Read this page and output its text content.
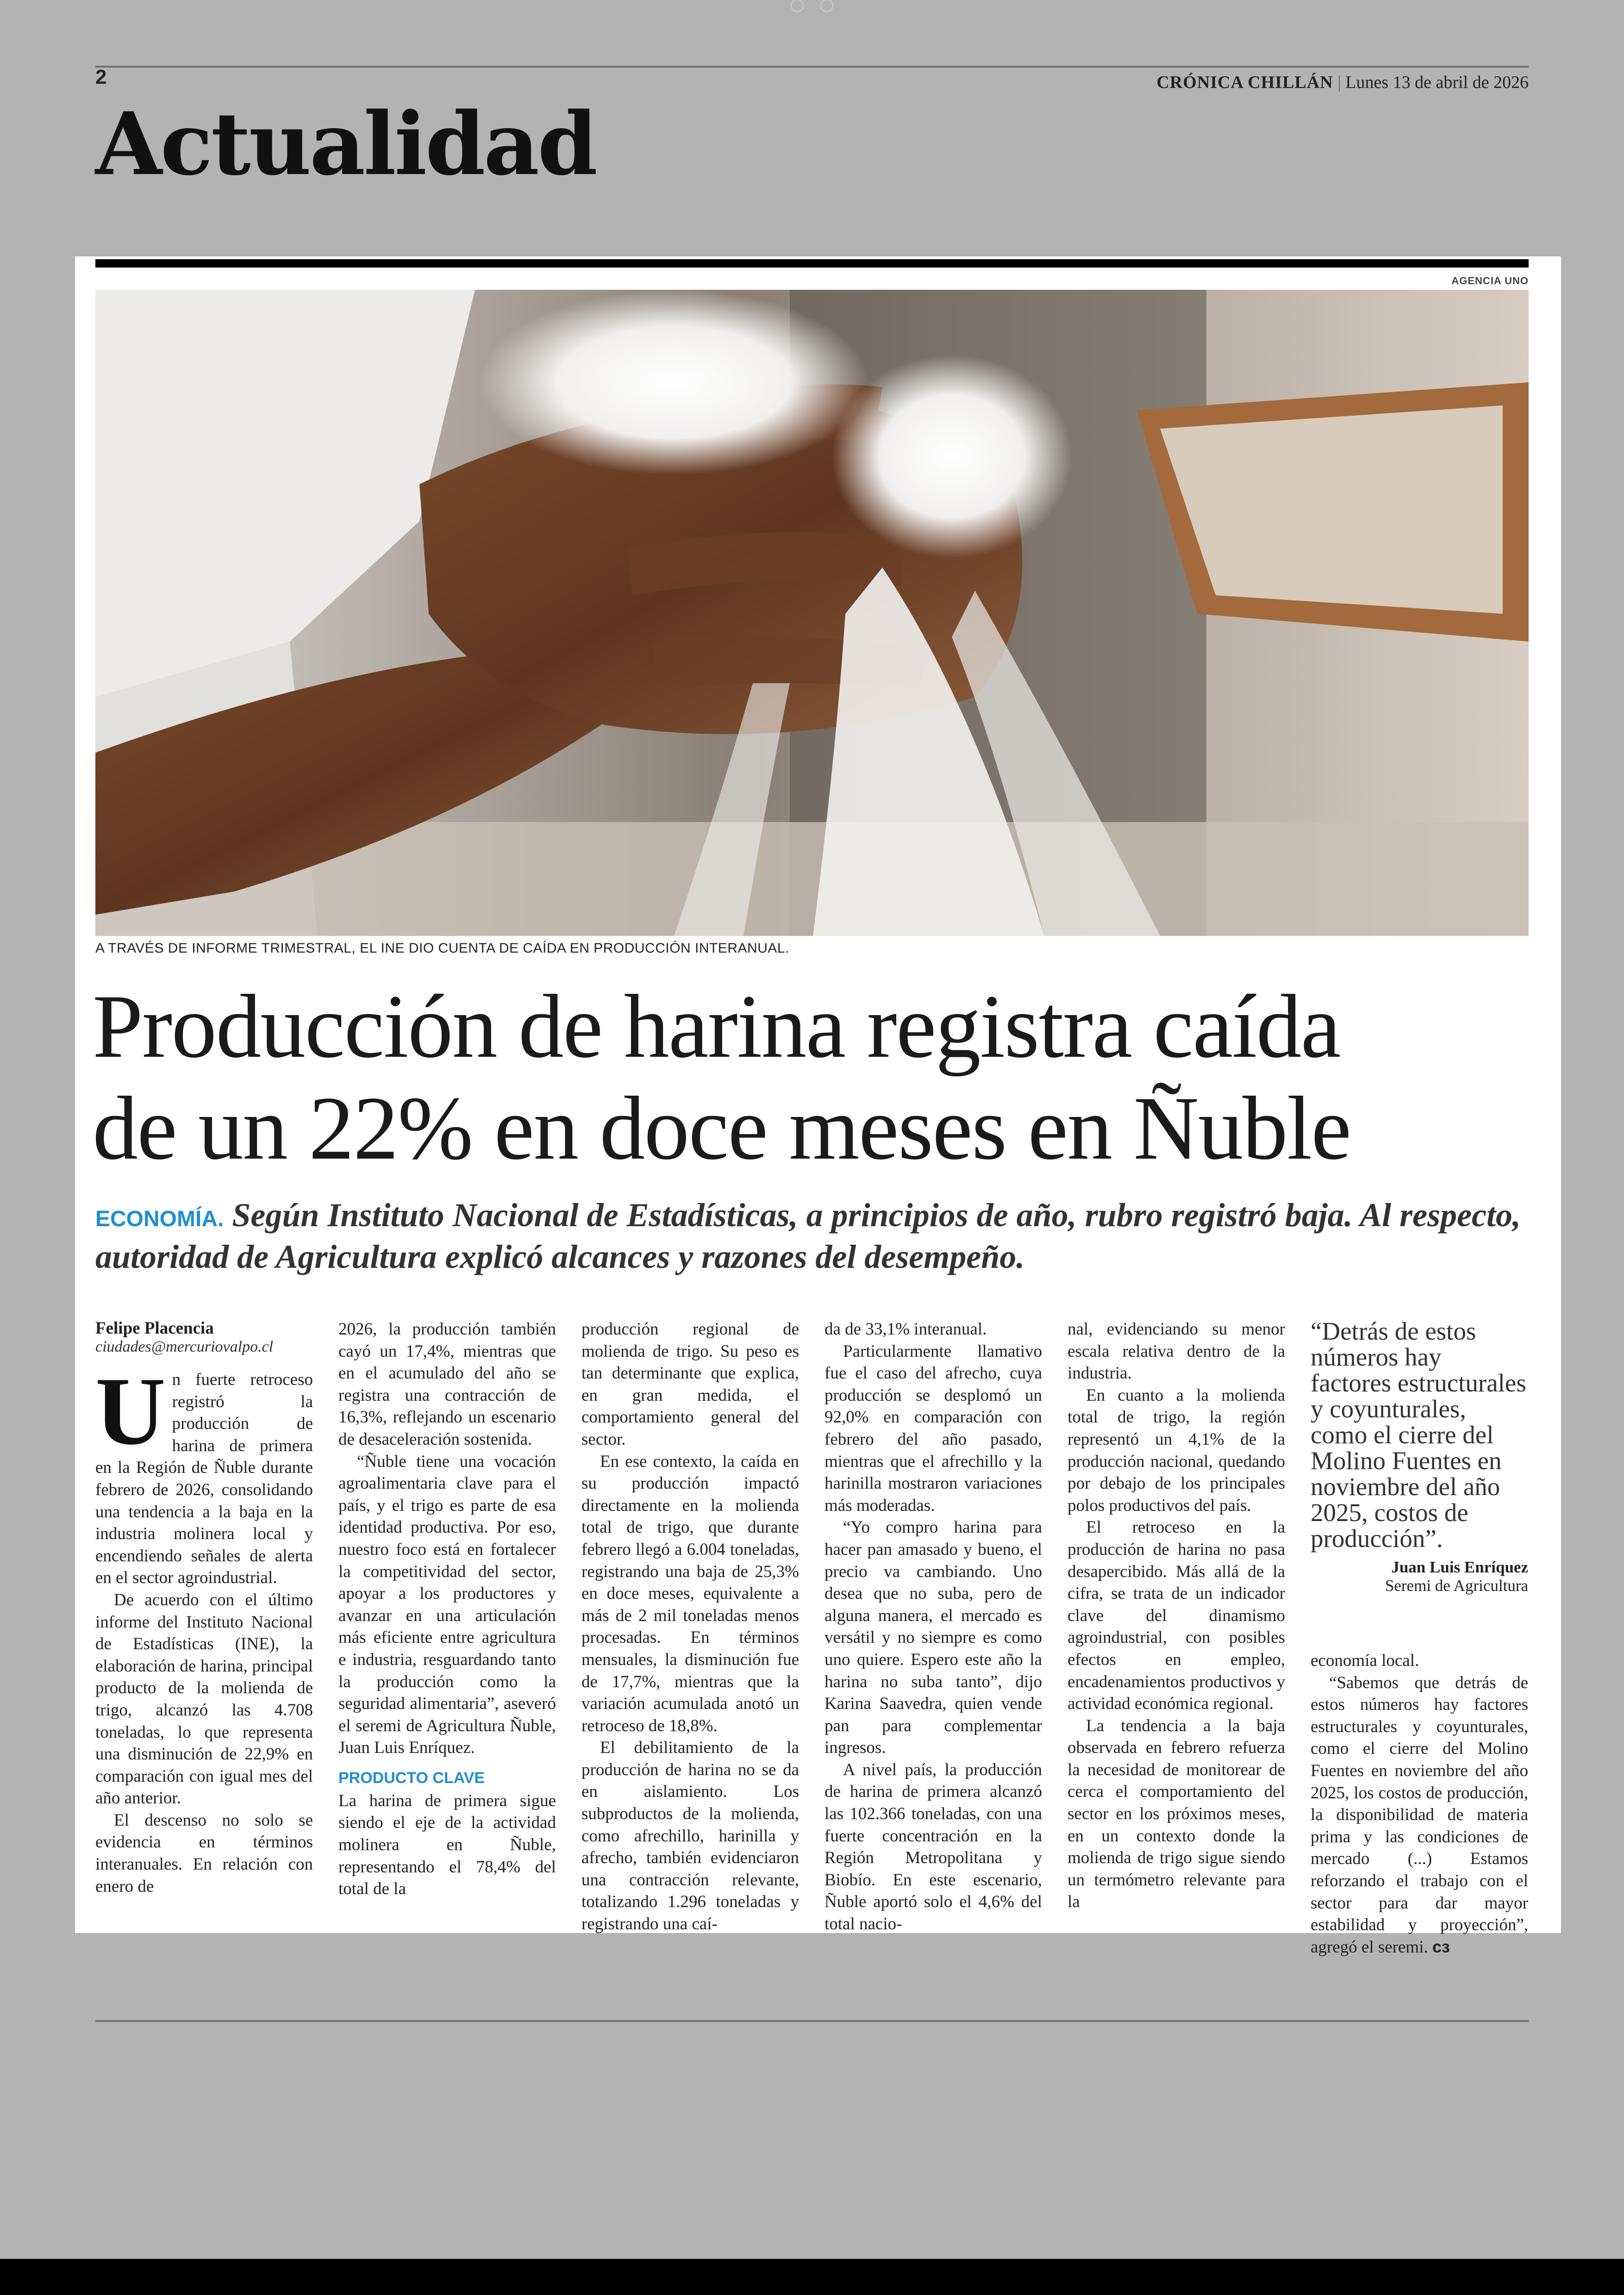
2	CRÓNICA CHILLÁN | Lunes 13 de abril de 2026
Actualidad
AGENCIA UNO
A TRAVÉS DE INFORME TRIMESTRAL, EL INE DIO CUENTA DE CAÍDA EN PRODUCCIÓN INTERANUAL.
Producción de harina registra caída
de un 22% en doce meses en Ñuble
ECONOMÍA. Según Instituto Nacional de Estadísticas, a principios de año, rubro registró baja. Al respecto, autoridad de Agricultura explicó alcances y razones del desempeño.
Felipe Placencia
ciudades@mercuriovalpo.cl

Un fuerte retroceso registró la producción de harina de primera en la Región de Ñuble durante febrero de 2026, consolidando una tendencia a la baja en la industria molinera local y encendiendo señales de alerta en el sector agroindustrial.

De acuerdo con el último informe del Instituto Nacional de Estadísticas (INE), la elaboración de harina, principal producto de la molienda de trigo, alcanzó las 4.708 toneladas, lo que representa una disminución de 22,9% en comparación con igual mes del año anterior.

El descenso no solo se evidencia en términos interanuales. En relación con enero de

2026, la producción también cayó un 17,4%, mientras que en el acumulado del año se registra una contracción de 16,3%, reflejando un escenario de desaceleración sostenida.

“Ñuble tiene una vocación agroalimentaria clave para el país, y el trigo es parte de esa identidad productiva. Por eso, nuestro foco está en fortalecer la competitividad del sector, apoyar a los productores y avanzar en una articulación más eficiente entre agricultura e industria, resguardando tanto la producción como la seguridad alimentaria”, aseveró el seremi de Agricultura Ñuble, Juan Luis Enríquez.

PRODUCTO CLAVE

La harina de primera sigue siendo el eje de la actividad molinera en Ñuble, representando el 78,4% del total de la

producción regional de molienda de trigo. Su peso es tan determinante que explica, en gran medida, el comportamiento general del sector.

En ese contexto, la caída en su producción impactó directamente en la molienda total de trigo, que durante febrero llegó a 6.004 toneladas, registrando una baja de 25,3% en doce meses, equivalente a más de 2 mil toneladas menos procesadas. En términos mensuales, la disminución fue de 17,7%, mientras que la variación acumulada anotó un retroceso de 18,8%.

El debilitamiento de la producción de harina no se da en aislamiento. Los subproductos de la molienda, como afrechillo, harinilla y afrecho, también evidenciaron una contracción relevante, totalizando 1.296 toneladas y registrando una caí-

da de 33,1% interanual.

Particularmente llamativo fue el caso del afrecho, cuya producción se desplomó un 92,0% en comparación con febrero del año pasado, mientras que el afrechillo y la harinilla mostraron variaciones más moderadas.

“Yo compro harina para hacer pan amasado y bueno, el precio va cambiando. Uno desea que no suba, pero de alguna manera, el mercado es versátil y no siempre es como uno quiere. Espero este año la harina no suba tanto”, dijo Karina Saavedra, quien vende pan para complementar ingresos.

A nivel país, la producción de harina de primera alcanzó las 102.366 toneladas, con una fuerte concentración en la Región Metropolitana y Biobío. En este escenario, Ñuble aportó solo el 4,6% del total nacio-

nal, evidenciando su menor escala relativa dentro de la industria.

En cuanto a la molienda total de trigo, la región representó un 4,1% de la producción nacional, quedando por debajo de los principales polos productivos del país.

El retroceso en la producción de harina no pasa desapercibido. Más allá de la cifra, se trata de un indicador clave del dinamismo agroindustrial, con posibles efectos en empleo, encadenamientos productivos y actividad económica regional.

La tendencia a la baja observada en febrero refuerza la necesidad de monitorear de cerca el comportamiento del sector en los próximos meses, en un contexto donde la molienda de trigo sigue siendo un termómetro relevante para la

“Detrás de estos números hay factores estructurales y coyunturales, como el cierre del Molino Fuentes en noviembre del año 2025, costos de producción”.

Juan Luis Enríquez
Seremi de Agricultura

economía local.

“Sabemos que detrás de estos números hay factores estructurales y coyunturales, como el cierre del Molino Fuentes en noviembre del año 2025, los costos de producción, la disponibilidad de materia prima y las condiciones de mercado (...) Estamos reforzando el trabajo con el sector para dar mayor estabilidad y proyección”, agregó el seremi. cз
